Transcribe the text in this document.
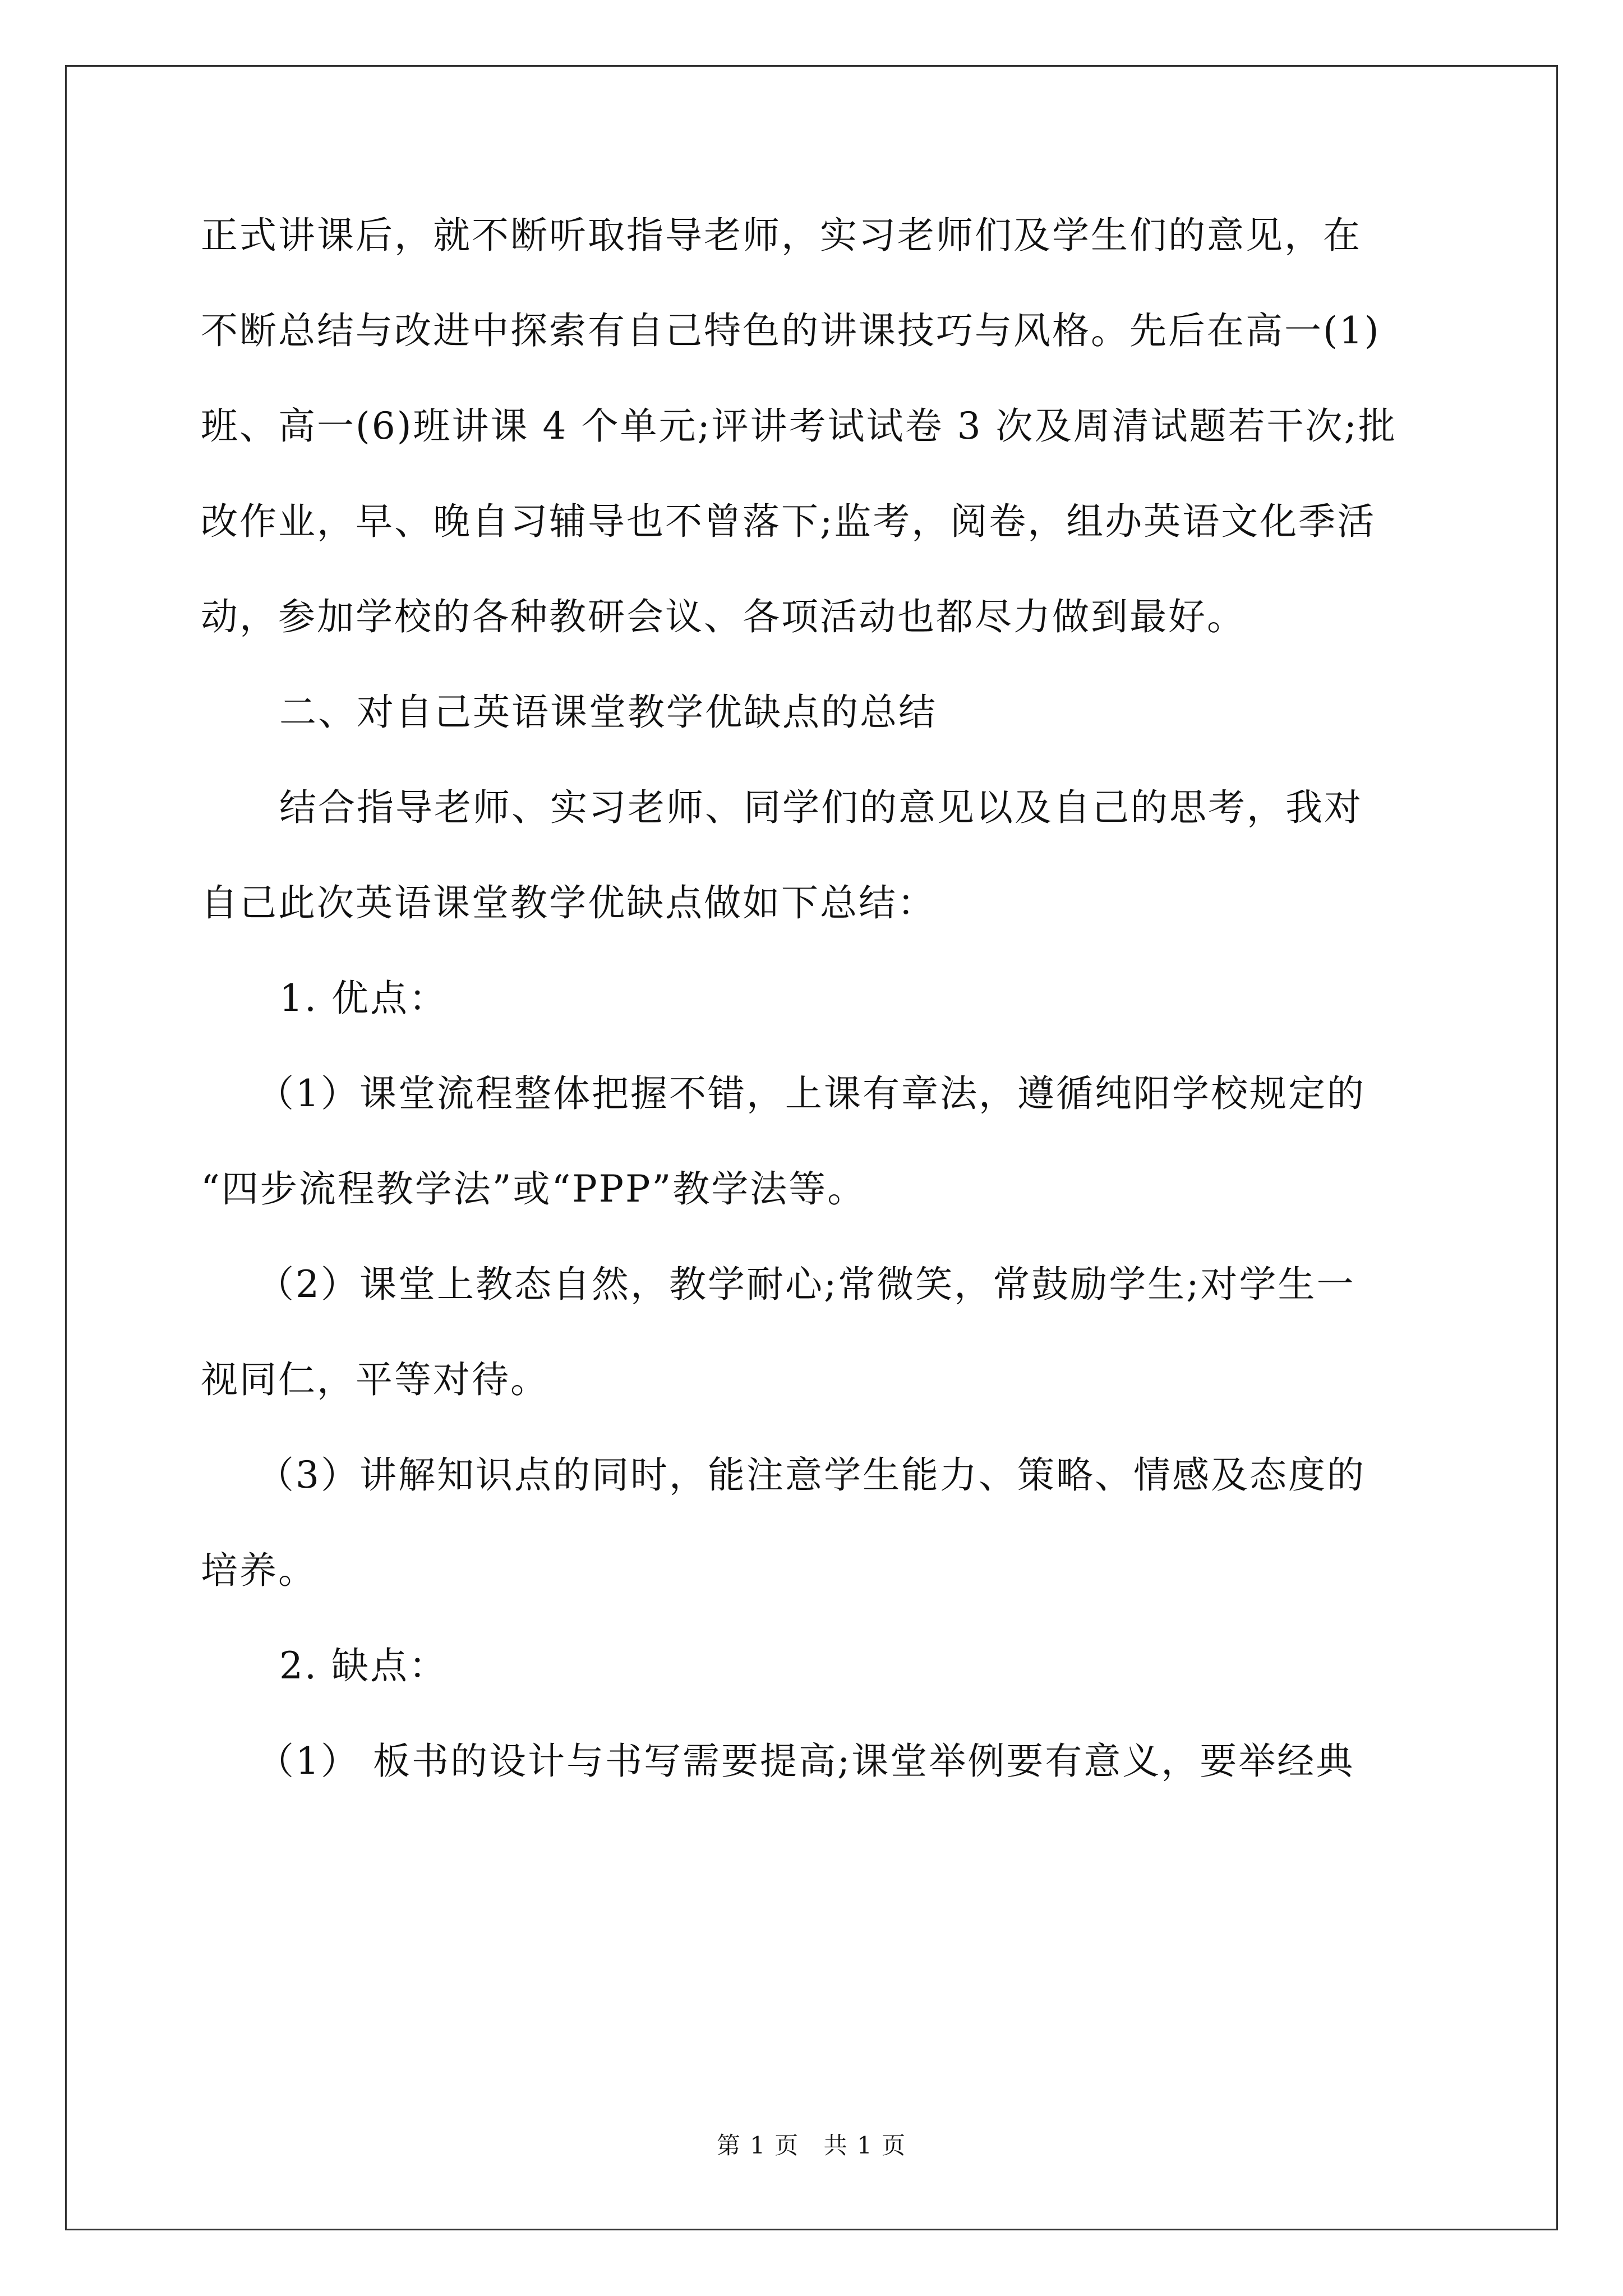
正式讲课后，就不断听取指导老师，实习老师们及学生们的意见，在
不断总结与改进中探索有自己特色的讲课技巧与风格。先后在高一(1)
班、高一(6)班讲课 4 个单元;评讲考试试卷 3 次及周清试题若干次;批
改作业，早、晚自习辅导也不曾落下;监考，阅卷，组办英语文化季活
动，参加学校的各种教研会议、各项活动也都尽力做到最好。
二、对自己英语课堂教学优缺点的总结
结合指导老师、实习老师、同学们的意见以及自己的思考，我对
自己此次英语课堂教学优缺点做如下总结：
1. 优点：
（1）课堂流程整体把握不错，上课有章法，遵循纯阳学校规定的
“四步流程教学法”或“PPP”教学法等。
（2）课堂上教态自然，教学耐心;常微笑，常鼓励学生;对学生一
视同仁，平等对待。
（3）讲解知识点的同时，能注意学生能力、策略、情感及态度的
培养。
2. 缺点：
（1） 板书的设计与书写需要提高;课堂举例要有意义，要举经典
第 1 页 共 1 页
